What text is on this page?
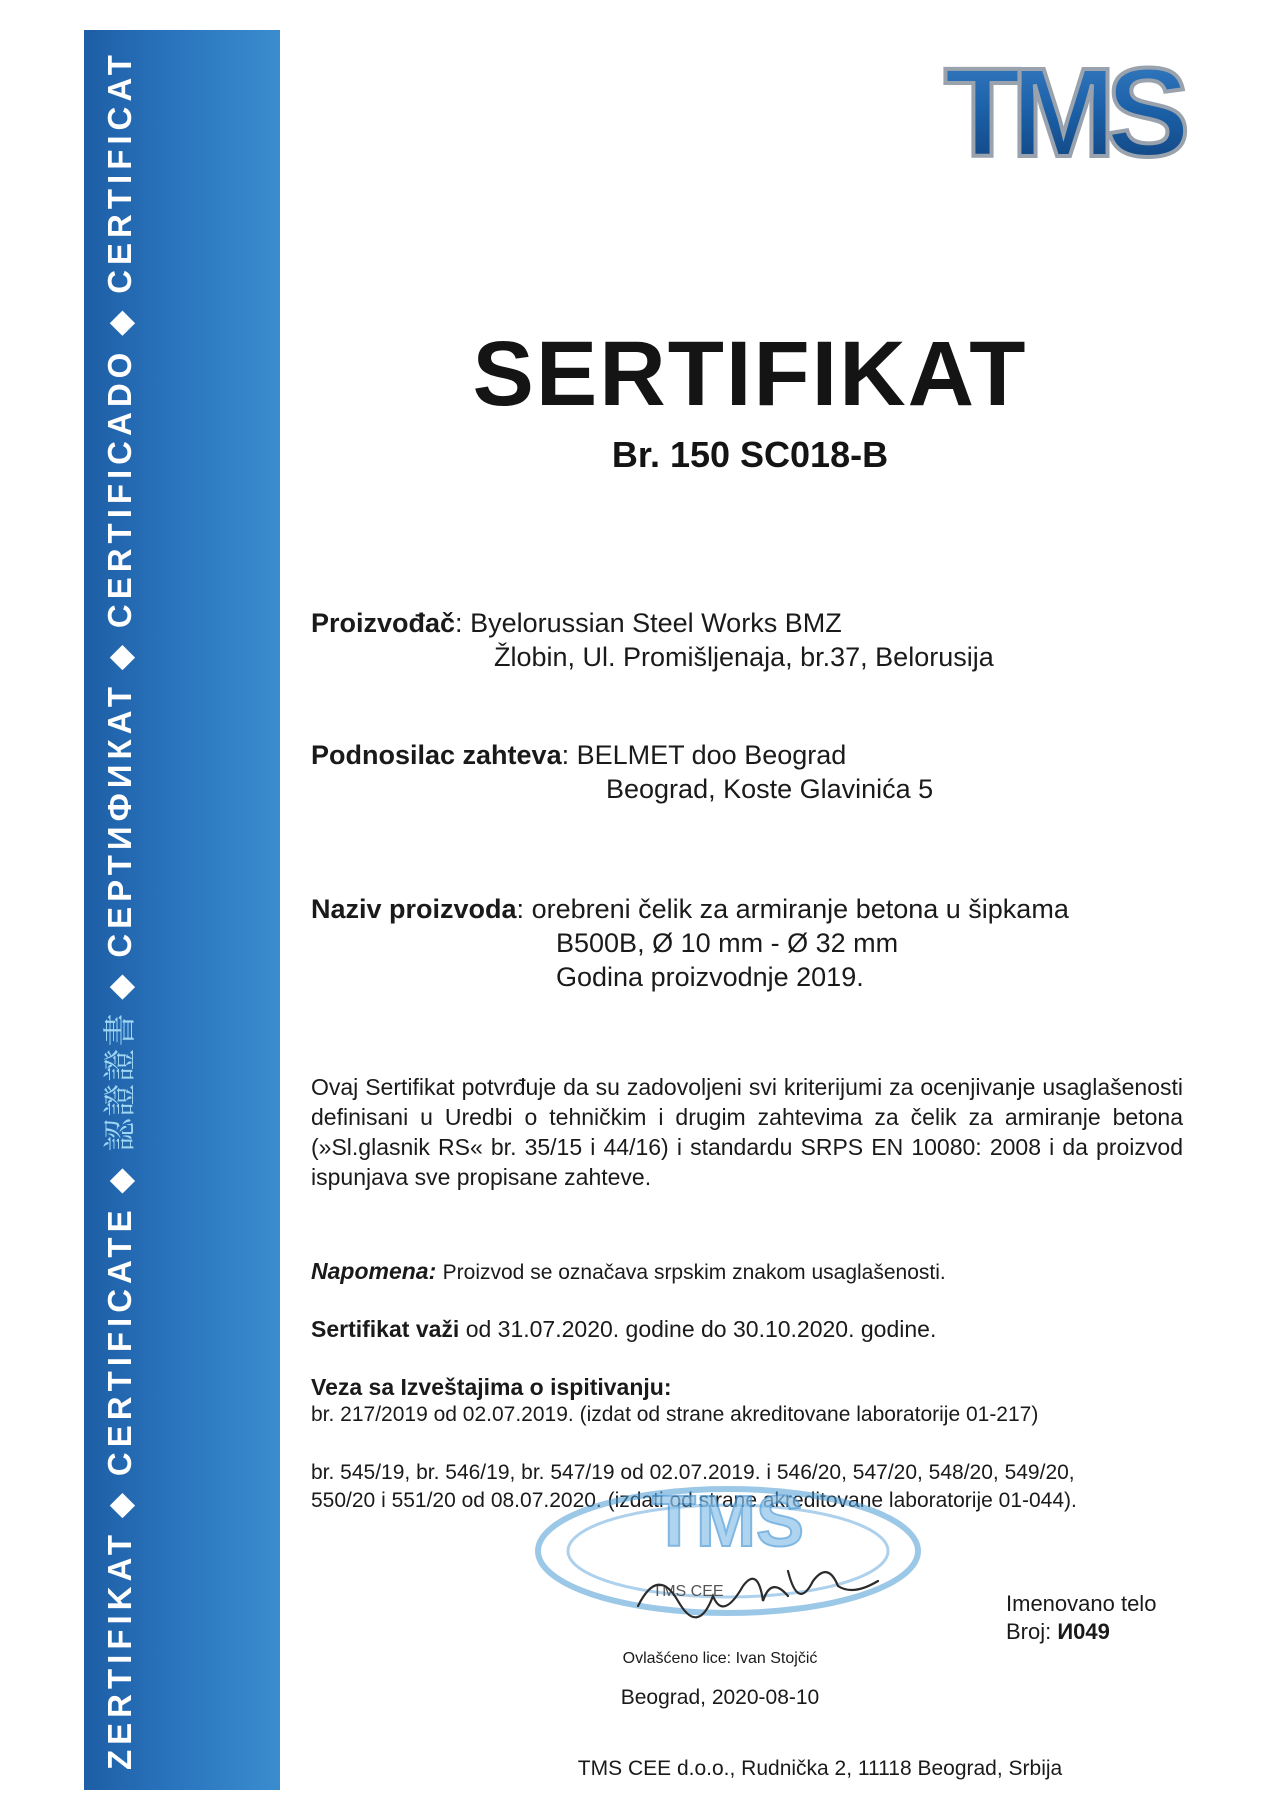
ZERTIFIKAT
◆
CERTIFICATE
◆
認證證書
◆
СЕРТИФИКАТ
◆
CERTIFICADO
◆
CERTIFICAT	TMS
SERTIFIKAT
Br. 150 SC018-B
Proizvođač: Byelorussian Steel Works BMZ
Žlobin, Ul. Promišljenaja, br.37, Belorusija
Podnosilac zahteva: BELMET doo Beograd
Beograd, Koste Glavinića 5
Naziv proizvoda: orebreni čelik za armiranje betona u šipkama
B500B, Ø 10 mm - Ø 32 mm
Godina proizvodnje 2019.
Ovaj Sertifikat potvrđuje da su zadovoljeni svi kriterijumi za ocenjivanje usaglašenosti definisani u Uredbi o tehničkim i drugim zahtevima za čelik za armiranje betona (»Sl.glasnik RS« br. 35/15 i 44/16) i standardu SRPS EN 10080: 2008 i da proizvod ispunjava sve propisane zahteve.
Napomena: Proizvod se označava srpskim znakom usaglašenosti.
Sertifikat važi od 31.07.2020. godine do 30.10.2020. godine.
Veza sa Izveštajima o ispitivanju:
br. 217/2019 od 02.07.2019. (izdat od strane akreditovane laboratorije 01-217)
br. 545/19, br. 546/19, br. 547/19 od 02.07.2019. i 546/20, 547/20, 548/20, 549/20,
550/20 i 551/20 od 08.07.2020. (izdati od strane akreditovane laboratorije 01-044).
TMS
TMS CEE
Ovlašćeno lice: Ivan Stojčić
Imenovano telo
Broj: И049
Beograd, 2020-08-10
TMS CEE d.o.o., Rudnička 2, 11118 Beograd, Srbija
